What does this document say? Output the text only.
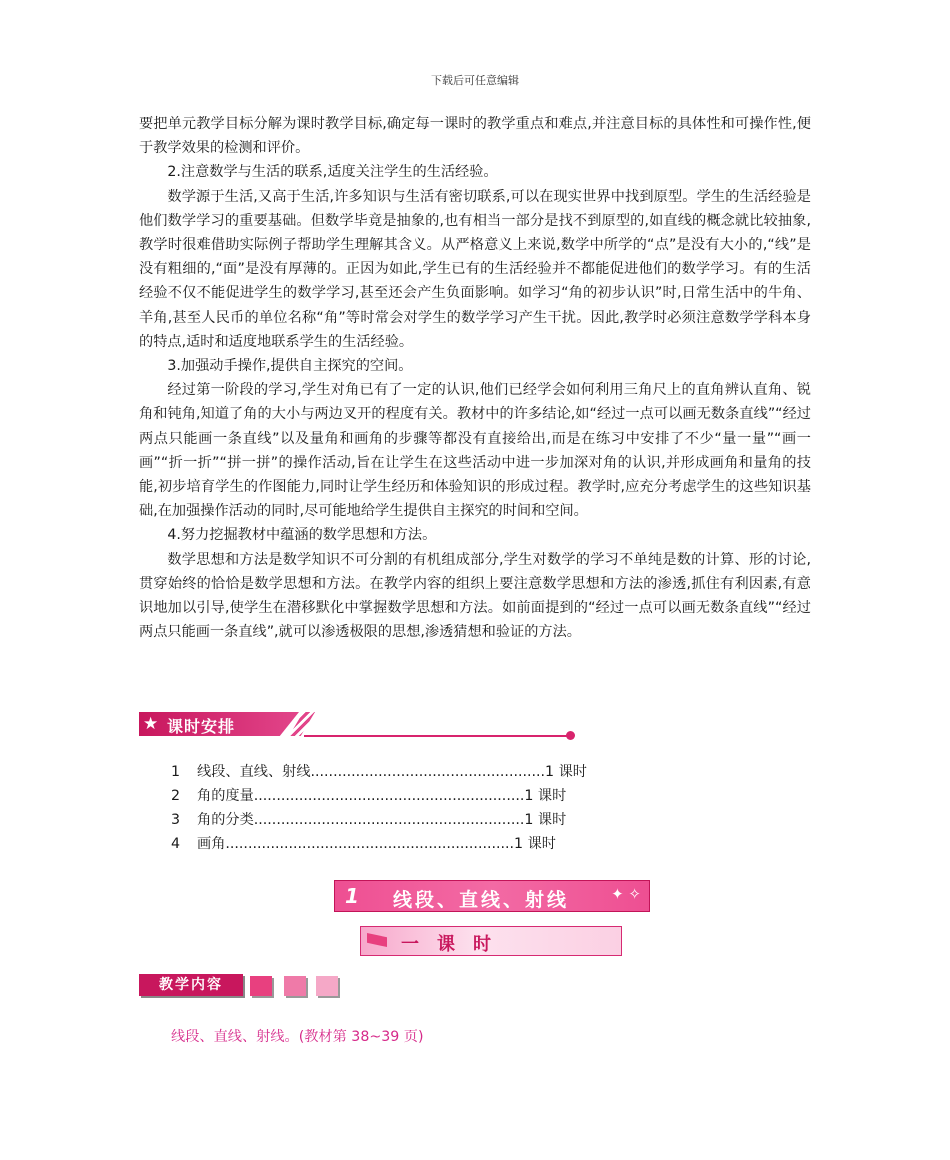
下载后可任意编辑

要把单元教学目标分解为课时教学目标,确定每一课时的教学重点和难点,并注意目标的具体性和可操作性,便于教学效果的检测和评价。

2.注意数学与生活的联系,适度关注学生的生活经验。

数学源于生活,又高于生活,许多知识与生活有密切联系,可以在现实世界中找到原型。学生的生活经验是他们数学学习的重要基础。但数学毕竟是抽象的,也有相当一部分是找不到原型的,如直线的概念就比较抽象,教学时很难借助实际例子帮助学生理解其含义。从严格意义上来说,数学中所学的“点”是没有大小的,“线”是没有粗细的,“面”是没有厚薄的。正因为如此,学生已有的生活经验并不都能促进他们的数学学习。有的生活经验不仅不能促进学生的数学学习,甚至还会产生负面影响。如学习“角的初步认识”时,日常生活中的牛角、羊角,甚至人民币的单位名称“角”等时常会对学生的数学学习产生干扰。因此,教学时必须注意数学学科本身的特点,适时和适度地联系学生的生活经验。

3.加强动手操作,提供自主探究的空间。

经过第一阶段的学习,学生对角已有了一定的认识,他们已经学会如何利用三角尺上的直角辨认直角、锐角和钝角,知道了角的大小与两边叉开的程度有关。教材中的许多结论,如“经过一点可以画无数条直线”“经过两点只能画一条直线”以及量角和画角的步骤等都没有直接给出,而是在练习中安排了不少“量一量”“画一画”“折一折”“拼一拼”的操作活动,旨在让学生在这些活动中进一步加深对角的认识,并形成画角和量角的技能,初步培育学生的作图能力,同时让学生经历和体验知识的形成过程。教学时,应充分考虑学生的这些知识基础,在加强操作活动的同时,尽可能地给学生提供自主探究的时间和空间。

4.努力挖掘教材中蕴涵的数学思想和方法。

数学思想和方法是数学知识不可分割的有机组成部分,学生对数学的学习不单纯是数的计算、形的讨论,贯穿始终的恰恰是数学思想和方法。在教学内容的组织上要注意数学思想和方法的渗透,抓住有利因素,有意识地加以引导,使学生在潜移默化中掌握数学思想和方法。如前面提到的“经过一点可以画无数条直线”“经过两点只能画一条直线”,就可以渗透极限的思想,渗透猜想和验证的方法。

★ 课时安排
1	线段、直线、射线 .................................................... 1 课时
2	角的度量 ............................................................ 1 课时
3	角的分类 ............................................................ 1 课时
4	画角 ................................................................ 1 课时
1 线段、直线、射线	✦ ✧
一课时
教学内容
线段、直线、射线。(教材第 38~39 页)
